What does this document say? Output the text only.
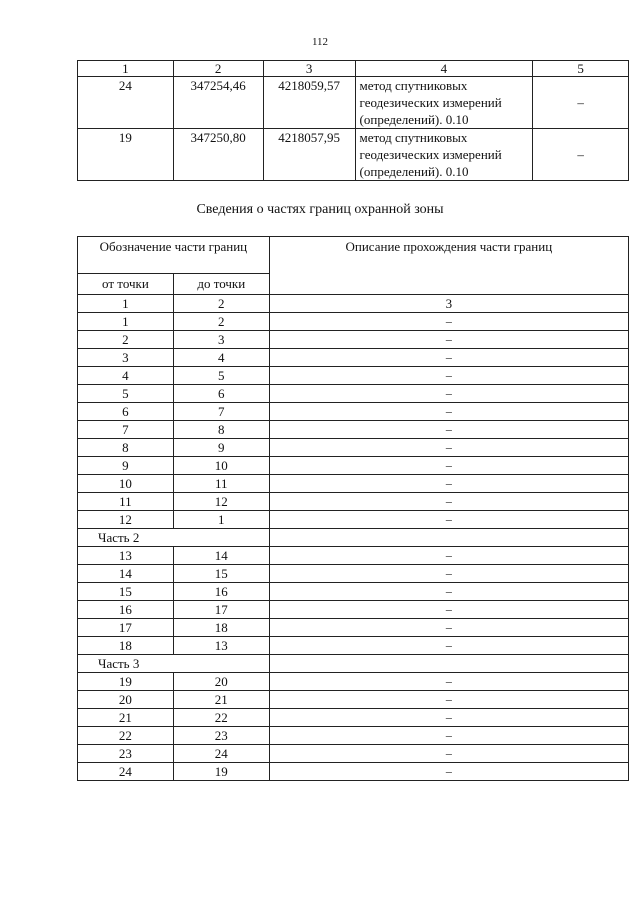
112
1	2	3	4	5
24	347254,46	4218059,57	метод спутниковых
геодезических измерений
(определений). 0.10	–
19	347250,80	4218057,95	метод спутниковых
геодезических измерений
(определений). 0.10	–
Сведения о частях границ охранной зоны
Обозначение части границ		Описание прохождения части границ
от точки	до точки	
1	2	3
1	2	–
2	3	–
3	4	–
4	5	–
5	6	–
6	7	–
7	8	–
8	9	–
9	10	–
10	11	–
11	12	–
12	1	–
Часть 2		
13	14	–
14	15	–
15	16	–
16	17	–
17	18	–
18	13	–
Часть 3		
19	20	–
20	21	–
21	22	–
22	23	–
23	24	–
24	19	–
